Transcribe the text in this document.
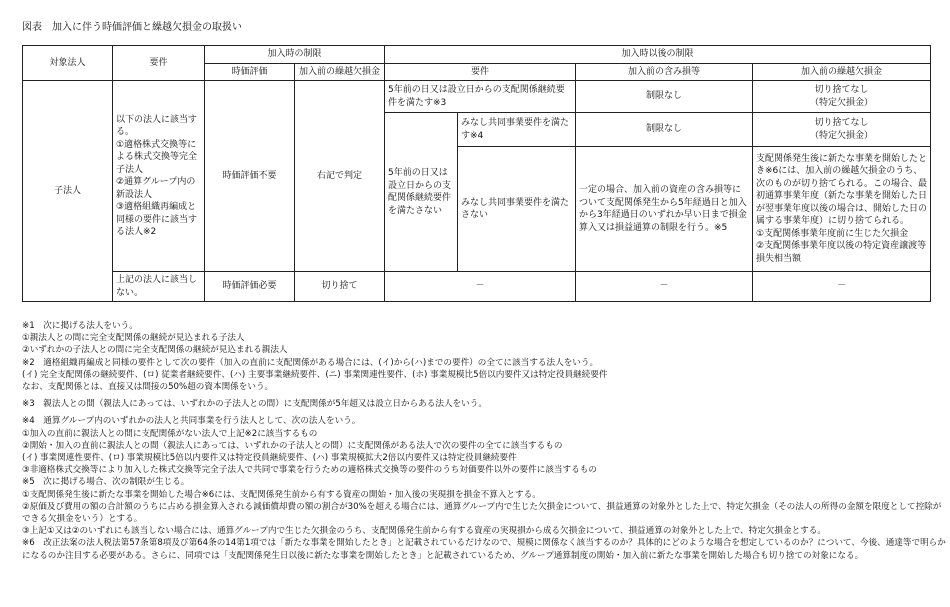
図表　加入に伴う時価評価と繰越欠損金の取扱い
対象法人	要件	加入時の制限		加入時以後の制限			
		時価評価	加入前の繰越欠損金	要件		加入前の含み損等	加入前の繰越欠損金
子法人	以下の法人に該当する。
①適格株式交換等による株式交換等完全子法人
②通算グループ内の新設法人
③適格組織再編成と同様の要件に該当する法人※2	時価評価不要	右記で判定	5年前の日又は設立日からの支配関係継続要件を満たす※3		制限なし	切り捨てなし
（特定欠損金）
				5年前の日又は設立日からの支配関係継続要件を満たさない	みなし共同事業要件を満たす※4	制限なし	切り捨てなし
（特定欠損金）
					みなし共同事業要件を満たさない	一定の場合、加入前の資産の含み損等について支配関係発生から5年経過日と加入から3年経過日のいずれか早い日まで損金算入又は損益通算の制限を行う。※5	支配関係発生後に新たな事業を開始したとき※6には、加入前の繰越欠損金のうち、次のものが切り捨てられる。この場合、最初通算事業年度（新たな事業を開始した日が翌事業年度以後の場合は、開始した日の属する事業年度）に切り捨てられる。
①支配関係事業年度前に生じた欠損金
②支配関係事業年度以後の特定資産譲渡等損失相当額
	上記の法人に該当しない。	時価評価必要	切り捨て	－		－	－
※1　次に掲げる法人をいう。
①親法人との間に完全支配関係の継続が見込まれる子法人
②いずれかの子法人との間に完全支配関係の継続が見込まれる親法人
※2　適格組織再編成と同様の要件として次の要件（加入の直前に支配関係がある場合には、(イ)から(ハ)までの要件）の全てに該当する法人をいう。
(イ) 完全支配関係の継続要件、(ロ) 従業者継続要件、(ハ) 主要事業継続要件、(ニ) 事業関連性要件、(ホ) 事業規模比5倍以内要件又は特定役員継続要件
なお、支配関係とは、直接又は間接の50%超の資本関係をいう。
※3　親法人との間（親法人にあっては、いずれかの子法人との間）に支配関係が5年超又は設立日からある法人をいう。
※4　通算グループ内のいずれかの法人と共同事業を行う法人として、次の法人をいう。
①加入の直前に親法人との間に支配関係がない法人で上記※2に該当するもの
②開始・加入の直前に親法人との間（親法人にあっては、いずれかの子法人との間）に支配関係がある法人で次の要件の全てに該当するもの
(イ) 事業関連性要件、(ロ) 事業規模比5倍以内要件又は特定役員継続要件、(ハ) 事業規模拡大2倍以内要件又は特定役員継続要件
③非適格株式交換等により加入した株式交換等完全子法人で共同で事業を行うための適格株式交換等の要件のうち対価要件以外の要件に該当するもの
※5　次に掲げる場合、次の制限が生じる。
①支配関係発生後に新たな事業を開始した場合※6には、支配関係発生前から有する資産の開始・加入後の実現損を損金不算入とする。
②原価及び費用の額の合計額のうちに占める損金算入される減価償却費の額の割合が30%を超える場合には、通算グループ内で生じた欠損金について、損益通算の対象外とした上で、特定欠損金（その法人の所得の金額を限度として控除が
できる欠損金をいう）とする。
③上記①又は②のいずれにも該当しない場合には、通算グループ内で生じた欠損金のうち、支配関係発生前から有する資産の実現損から成る欠損金について、損益通算の対象外とした上で、特定欠損金とする。
※6　改正法案の法人税法第57条第8項及び第64条の14第1項では「新たな事業を開始したとき」と記載されているだけなので、規模に関係なく該当するのか？具体的にどのような場合を想定しているのか？について、今後、通達等で明らか
になるのか注目する必要がある。さらに、同項では「支配関係発生日以後に新たな事業を開始したとき」と記載されているため、グループ通算制度の開始・加入前に新たな事業を開始した場合も切り捨ての対象になる。
